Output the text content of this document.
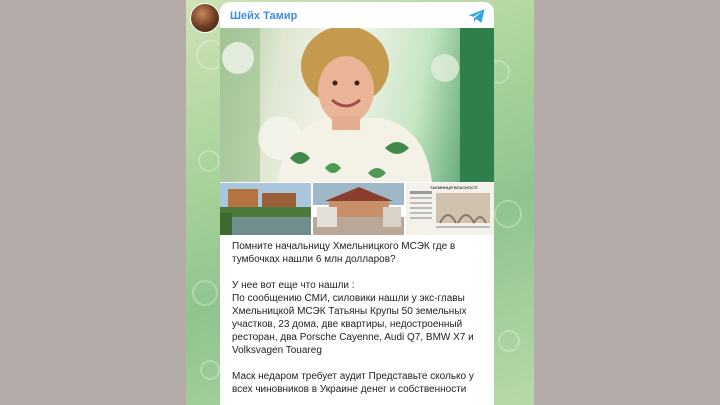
Шейх Тамир
ТАЄМНИЦЯ ВЛАСНОСТІ

Помните начальницу Хмельницкого МСЭК где в тумбочках нашли 6 млн долларов?

У нее вот еще что нашли :
По сообщению СМИ, силовики нашли у экс-главы Хмельницкой МСЭК Татьяны Крупы 50 земельных участков, 23 дома, две квартиры, недостроенный ресторан, два Porsche Cayenne, Audi Q7, BMW X7 и Volksvagen Touareg

Маск недаром требует аудит Представьте сколько у всех чиновников в Украине денег и собственности
